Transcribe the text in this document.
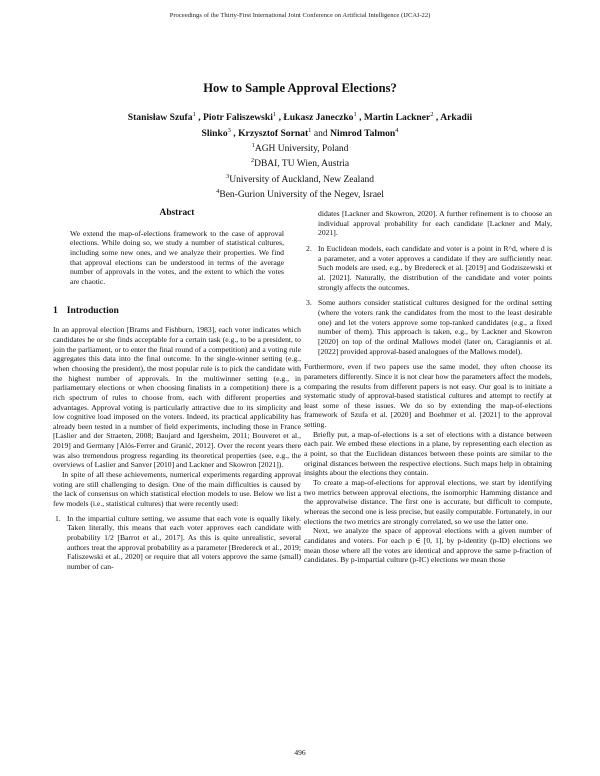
Proceedings of the Thirty-First International Joint Conference on Artificial Intelligence (IJCAI-22)
How to Sample Approval Elections?
Stanisław Szufa$^1$ , Piotr Faliszewski$^1$ , Łukasz Janeczko$^1$ , Martin Lackner$^2$ , Arkadii
Slinko$^3$ , Krzysztof Sornat$^1$ and Nimrod Talmon$^4$
$^1$AGH University, Poland
$^2$DBAI, TU Wien, Austria
$^3$University of Auckland, New Zealand
$^4$Ben-Gurion University of the Negev, Israel
Abstract

We extend the map-of-elections framework to the case of approval elections. While doing so, we study a number of statistical cultures, including some new ones, and we analyze their properties. We find that approval elections can be understood in terms of the average number of approvals in the votes, and the extent to which the votes are chaotic.

1 Introduction

In an approval election [Brams and Fishburn, 1983], each voter indicates which candidates he or she finds acceptable for a certain task (e.g., to be a president, to join the parliament, or to enter the final round of a competition) and a voting rule aggregates this data into the final outcome. In the single-winner setting (e.g., when choosing the president), the most popular rule is to pick the candidate with the highest number of approvals. In the multiwinner setting (e.g., in parliamentary elections or when choosing finalists in a competition) there is a rich spectrum of rules to choose from, each with different properties and advantages. Approval voting is particularly attractive due to its simplicity and low cognitive load imposed on the voters. Indeed, its practical applicability has already been tested in a number of field experiments, including those in France [Laslier and der Straeten, 2008; Baujard and Igersheim, 2011; Bouveret et al., 2019] and Germany [Alós-Ferrer and Granić, 2012]. Over the recent years there was also tremendous progress regarding its theoretical properties (see, e.g., the overviews of Laslier and Sanver [2010] and Lackner and Skowron [2021]).

In spite of all these achievements, numerical experiments regarding approval voting are still challenging to design. One of the main difficulties is caused by the lack of consensus on which statistical election models to use. Below we list a few models (i.e., statistical cultures) that were recently used:

1. In the impartial culture setting, we assume that each vote is equally likely. Taken literally, this means that each voter approves each candidate with probability 1/2 [Barrot et al., 2017]. As this is quite unrealistic, several authors treat the approval probability as a parameter [Bredereck et al., 2019; Faliszewski et al., 2020] or require that all voters approve the same (small) number of can-
didates [Lackner and Skowron, 2020]. A further refinement is to choose an individual approval probability for each candidate [Lackner and Maly, 2021].
2. In Euclidean models, each candidate and voter is a point in R^d, where d is a parameter, and a voter approves a candidate if they are sufficiently near. Such models are used, e.g., by Bredereck et al. [2019] and Godziszewski et al. [2021]. Naturally, the distribution of the candidate and voter points strongly affects the outcomes.
3. Some authors consider statistical cultures designed for the ordinal setting (where the voters rank the candidates from the most to the least desirable one) and let the voters approve some top-ranked candidates (e.g., a fixed number of them). This approach is taken, e.g., by Lackner and Skowron [2020] on top of the ordinal Mallows model (later on, Caragiannis et al. [2022] provided approval-based analogues of the Mallows model).

Furthermore, even if two papers use the same model, they often choose its parameters differently. Since it is not clear how the parameters affect the models, comparing the results from different papers is not easy. Our goal is to initiate a systematic study of approval-based statistical cultures and attempt to rectify at least some of these issues. We do so by extending the map-of-elections framework of Szufa et al. [2020] and Boehmer et al. [2021] to the approval setting.

Briefly put, a map-of-elections is a set of elections with a distance between each pair. We embed these elections in a plane, by representing each election as a point, so that the Euclidean distances between these points are similar to the original distances between the respective elections. Such maps help in obtaining insights about the elections they contain.

To create a map-of-elections for approval elections, we start by identifying two metrics between approval elections, the isomorphic Hamming distance and the approvalwise distance. The first one is accurate, but difficult to compute, whereas the second one is less precise, but easily computable. Fortunately, in our elections the two metrics are strongly correlated, so we use the latter one.

Next, we analyze the space of approval elections with a given number of candidates and voters. For each p ∈ [0, 1], by p-identity (p-ID) elections we mean those where all the votes are identical and approve the same p-fraction of candidates. By p-impartial culture (p-IC) elections we mean those

496
